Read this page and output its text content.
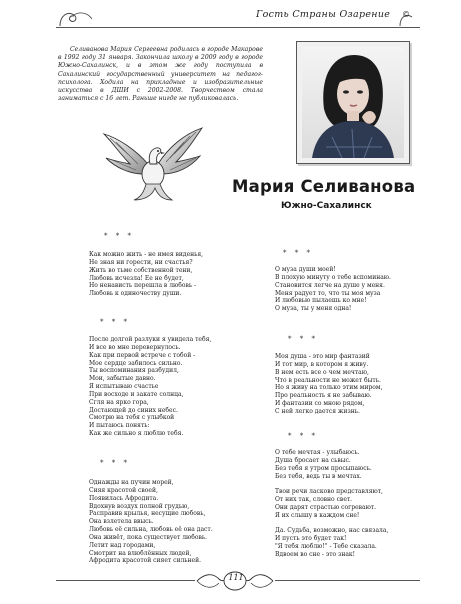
Гость Страны Озарение ©
Селиванова Мария Сергеевна родилась в городе Макарове в 1992 году 31 января. Закончила школу в 2009 году в городе Южно-Сахалинск, и в этом же году поступила в Сахалинский государственный университет на педагог-психолога. Ходила на прикладные и изобразительные искусства в ДШИ с 2002-2008. Творчеством стала заниматься с 16 лет. Раньше нигде не публиковалась.
Мария Селиванова
Южно-Сахалинск
* * *
Как можно жить - не имея виденья,
Не зная ни горести, ни счастья?
Жить во тьме собственной тени,
Любовь исчезла! Ее не будет,
Но ненависть перешла в любовь -
Любовь к одиночеству души.
* * *
После долгой разлуки я увидела тебя,
И все во мне перевернулось.
Как при первой встрече с тобой -
Мое сердце забилось сильно.
Ты воспоминания разбудил,
Мои, забытые давно.
Я испытываю счастье
При восходе и закате солнца,
Сгля на ярко гора,
Достающей до синих небес.
Смотрю на тебя с улыбкой
И пытаюсь понять:
Как же сильно я люблю тебя.
* * *
Однажды на пучин морей,
Сияя красотой своей,
Появилась Афродита.
Вдохнув воздух полной грудью,
Расправив крылья, несущие любовь,
Она взлетела ввысь.
Любовь её сильна, любовь её она даст.
Она живёт, пока существует любовь.
Летит над городами,
Смотрит на влюблённых людей,
Афродита красотой сияет сильней.
* * *
О муза души моей!
В плохую минуту о тебе вспоминаю.
Становится легче на душе у меня.
Меня радует то, что ты моя муза
И любовью пылаешь ко мне!
О муза, ты у меня одна!
* * *
Моя душа - это мир фантазий
И тот мир, в котором я живу.
В нем есть все о чем мечтаю,
Что в реальности не может быть.
Но я живу на только этим миром,
Про реальность я не забываю.
И фантазии со мною рядом,
С ней легко дается жизнь.
* * *
О тебе мечтая - улыбаюсь.
Душа бросает на сьвыс.
Без тебя я утром просыпаюсь.
Без тебя, ведь ты в мечтах.

Твои речи ласково представляют,
От них так, словно свет.
Они дарят страстью согревают.
Я их слышу в каждом сне!

Да. Судьба, возможно, нас связала,
И пусть это будет так!
"Я тебя люблю!" - Тебе сказала.
Вдвоем во сне - это знак!
111
